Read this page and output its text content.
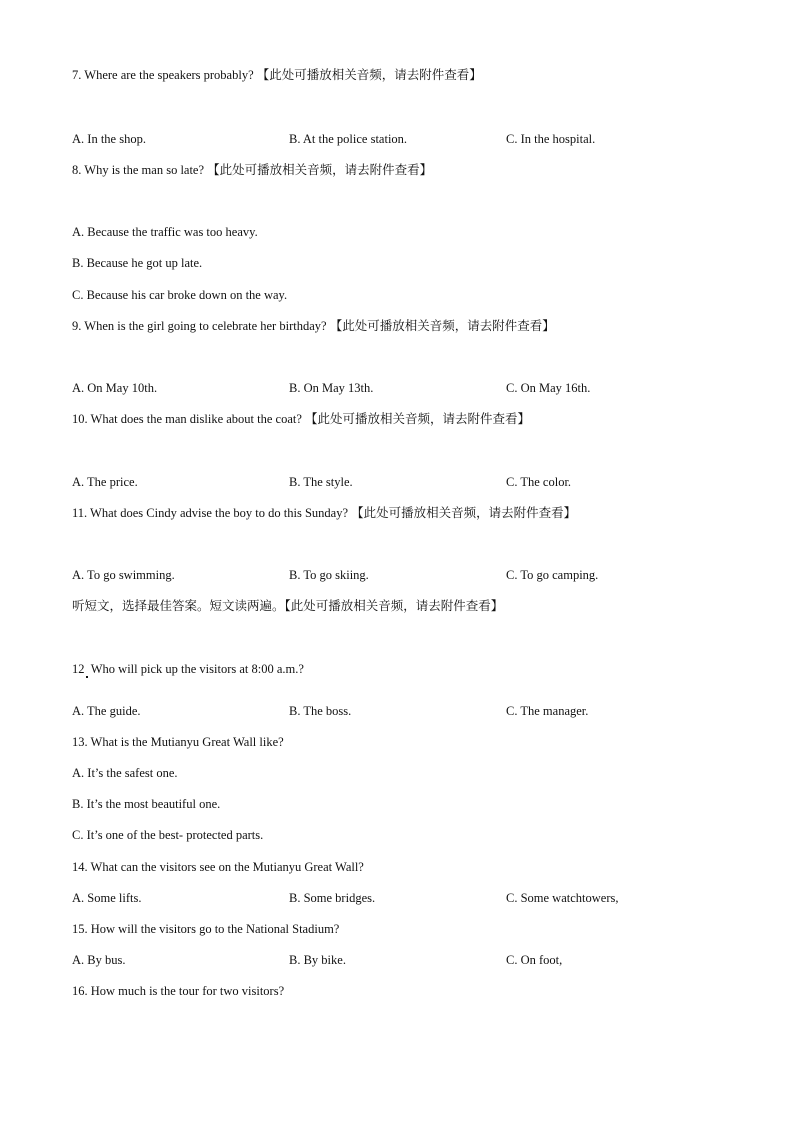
7. Where are the speakers probably? 【此处可播放相关音频，请去附件查看】
A. In the shop.	B. At the police station.	C. In the hospital.
8. Why is the man so late? 【此处可播放相关音频，请去附件查看】
A. Because the traffic was too heavy.
B. Because he got up late.
C. Because his car broke down on the way.
9. When is the girl going to celebrate her birthday? 【此处可播放相关音频，请去附件查看】
A. On May 10th.	B. On May 13th.	C. On May 16th.
10. What does the man dislike about the coat? 【此处可播放相关音频，请去附件查看】
A. The price.	B. The style.	C. The color.
11. What does Cindy advise the boy to do this Sunday? 【此处可播放相关音频，请去附件查看】
A. To go swimming.	B. To go skiing.	C. To go camping.
听短文，选择最佳答案。短文读两遍。【此处可播放相关音频，请去附件查看】
12 Who will pick up the visitors at 8:00 a.m.?
A. The guide.	B. The boss.	C. The manager.
13. What is the Mutianyu Great Wall like?
A. It’s the safest one.
B. It’s the most beautiful one.
C. It’s one of the best- protected parts.
14. What can the visitors see on the Mutianyu Great Wall?
A. Some lifts.	B. Some bridges.	C. Some watchtowers,
15. How will the visitors go to the National Stadium?
A. By bus.	B. By bike.	C. On foot,
16. How much is the tour for two visitors?
